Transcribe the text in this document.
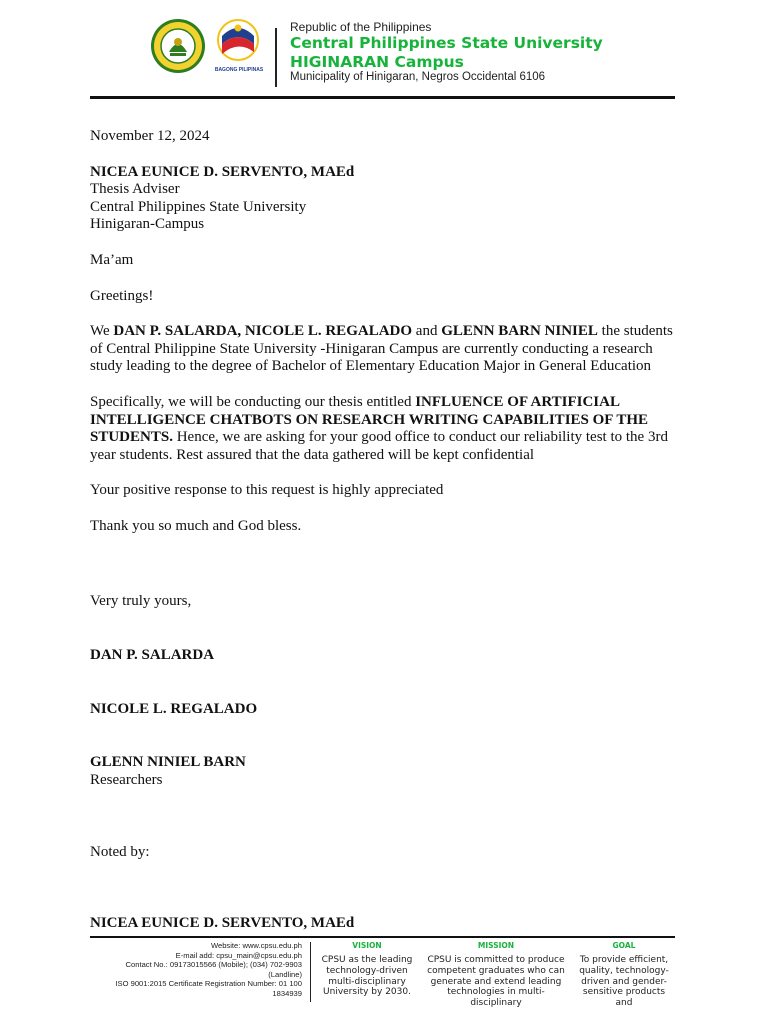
BAGONG PILIPINAS
Republic of the Philippines
Central Philippines State University
HIGINARAN Campus
Municipality of Hinigaran, Negros Occidental 6106

November 12, 2024

NICEA EUNICE D. SERVENTO, MAEd

Thesis Adviser

Central Philippines State University

Hinigaran-Campus

Ma’am

Greetings!

We DAN P. SALARDA, NICOLE L. REGALADO and GLENN BARN NINIEL the students of Central Philippine State University -Hinigaran Campus are currently conducting a research study leading to the degree of Bachelor of Elementary Education Major in General Education

Specifically, we will be conducting our thesis entitled INFLUENCE OF ARTIFICIAL INTELLIGENCE CHATBOTS ON RESEARCH WRITING CAPABILITIES OF THE STUDENTS. Hence, we are asking for your good office to conduct our reliability test to the 3rd year students. Rest assured that the data gathered will be kept confidential

Your positive response to this request is highly appreciated

Thank you so much and God bless.

Very truly yours,
DAN P. SALARDA
NICOLE L. REGALADO
GLENN NINIEL BARN
Researchers
Noted by:
NICEA EUNICE D. SERVENTO, MAEd
Website: www.cpsu.edu.ph
E-mail add: cpsu_main@cpsu.edu.ph
Contact No.: 09173015566 (Mobile); (034) 702-9903 (Landline)
ISO 9001:2015 Certificate Registration Number: 01 100 1834939
VISION
CPSU as the leading technology-driven multi-disciplinary University by 2030.
MISSION
CPSU is committed to produce competent graduates who can generate and extend leading technologies in multi-disciplinary
GOAL
To provide efficient, quality, technology-driven and gender-sensitive products and
